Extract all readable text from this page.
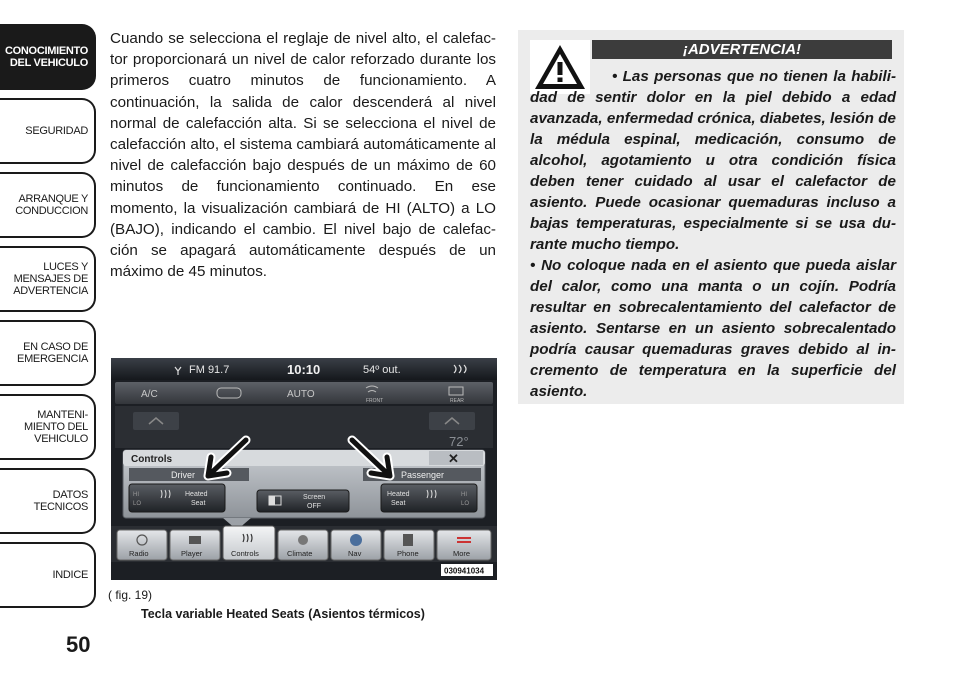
CONOCIMIENTO
DEL VEHICULO
SEGURIDAD
ARRANQUE Y
CONDUCCION
LUCES Y
MENSAJES DE
ADVERTENCIA
EN CASO DE
EMERGENCIA
MANTENI-
MIENTO DEL
VEHICULO
DATOS
TECNICOS
INDICE
50

Cuando se selecciona el reglaje de nivel alto, el calefac- tor proporcionará un nivel de calor reforzado durante los primeros cuatro minutos de funcionamiento. A continuación, la salida de calor descenderá al nivel normal de calefacción alta. Si se selecciona el nivel de calefacción alto, el sistema cambiará automáticamente al nivel de calefacción bajo después de un máximo de 60 minutos de funcionamiento continuado. En ese momento, la visualización cambiará de HI (ALTO) a LO (BAJO), indicando el cambio. El nivel bajo de calefac- ción se apagará automáticamente después de un máximo de 45 minutos.

FM 91.7	10:10	54º out.
A/C	AUTO
FRONT	REAR
72°
Controls	✕
Driver	Passenger
HI
LO
Heated
Seat
Screen
OFF
Heated
Seat
HI
LO
Radio	Player	Controls	Climate	Nav	Phone	More
030941034
( fig. 19)
Tecla variable Heated Seats (Asientos térmicos)
¡ADVERTENCIA!

• Las personas que no tienen la habili- dad de sentir dolor en la piel debido a edad avanzada, enfermedad crónica, diabetes, lesión de la médula espinal, medicación, consumo de alcohol, agotamiento u otra condición física deben tener cuidado al usar el calefactor de asiento. Puede ocasionar quemaduras incluso a bajas temperaturas, especialmente si se usa du- rante mucho tiempo.

• No coloque nada en el asiento que pueda aislar del calor, como una manta o un cojín. Podría resultar en sobrecalentamiento del calefactor de asiento. Sentarse en un asiento sobrecalentado podría causar quemaduras graves debido al in- cremento de temperatura en la superficie del asiento.
